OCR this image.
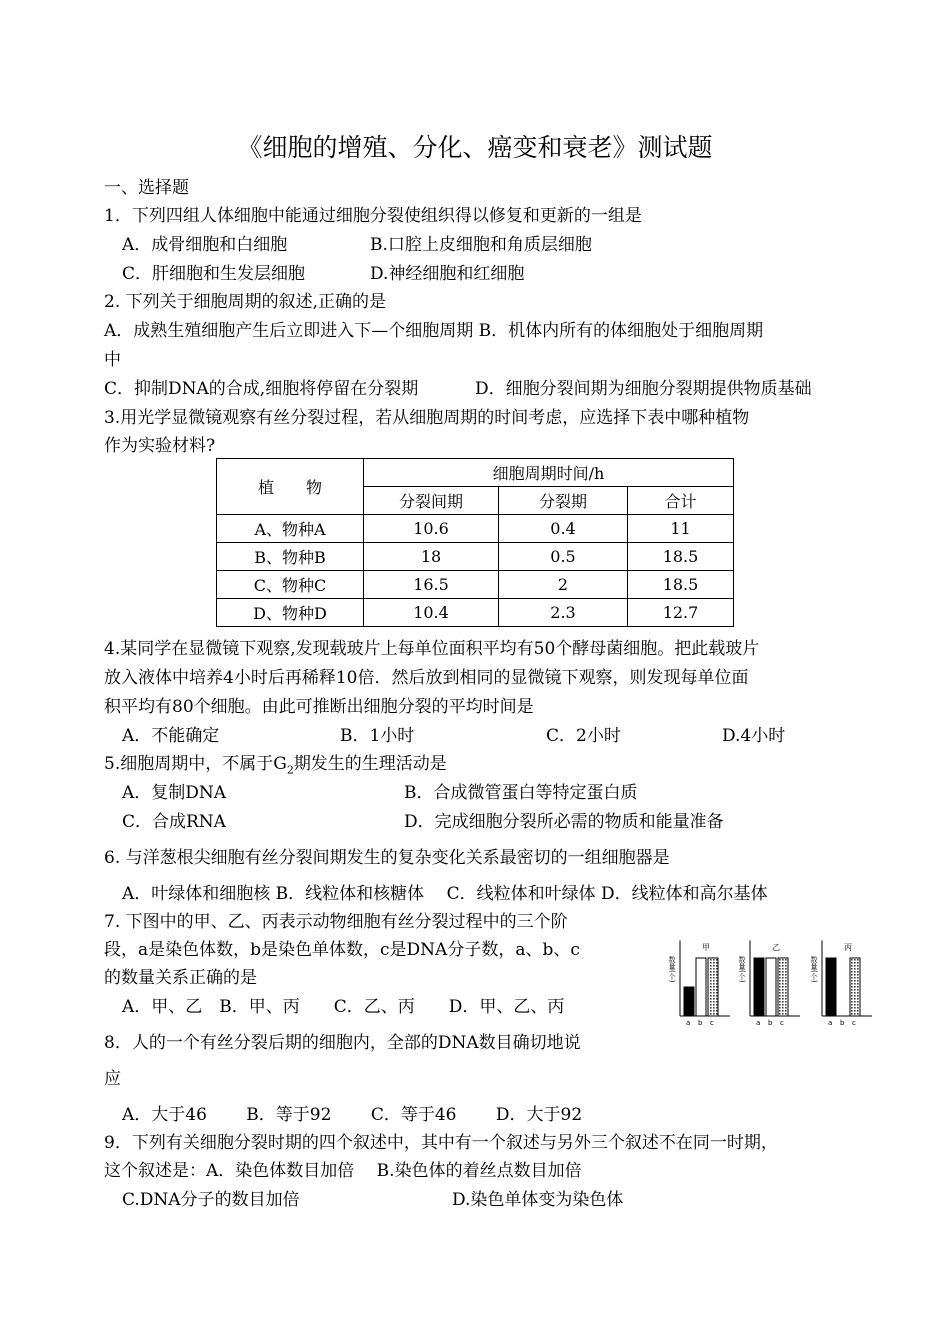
《细胞的增殖、分化、癌变和衰老》测试题
一、选择题
1．下列四组人体细胞中能通过细胞分裂使组织得以修复和更新的一组是
A．成骨细胞和白细胞	B.口腔上皮细胞和角质层细胞
C．肝细胞和生发层细胞	D.神经细胞和红细胞
2. 下列关于细胞周期的叙述,正确的是
A．成熟生殖细胞产生后立即进入下—个细胞周期 B．机体内所有的体细胞处于细胞周期
中
C．抑制DNA的合成,细胞将停留在分裂期	D．细胞分裂间期为细胞分裂期提供物质基础
3.用光学显微镜观察有丝分裂过程，若从细胞周期的时间考虑，应选择下表中哪种植物
作为实验材料?
植　　物	细胞周期时间/h		
	分裂间期	分裂期	合计
A、物种A	10.6	0.4	11
B、物种B	18	0.5	18.5
C、物种C	16.5	2	18.5
D、物种D	10.4	2.3	12.7
4.某同学在显微镜下观察,发现载玻片上每单位面积平均有50个酵母菌细胞。把此载玻片
放入液体中培养4小时后再稀释10倍．然后放到相同的显微镜下观察，则发现每单位面
积平均有80个细胞。由此可推断出细胞分裂的平均时间是
A．不能确定	B．1小时	C．2小时	D.4小时
5.细胞周期中，不属于$G_2$期发生的生理活动是
A．复制DNA	B．合成微管蛋白等特定蛋白质
C．合成RNA	D．完成细胞分裂所必需的物质和能量准备
6. 与洋葱根尖细胞有丝分裂间期发生的复杂变化关系最密切的一组细胞器是
A．叶绿体和细胞核 B．线粒体和核糖体　 C．线粒体和叶绿体 D．线粒体和高尔基体
7. 下图中的甲、乙、丙表示动物细胞有丝分裂过程中的三个阶
段，a是染色体数，b是染色单体数，c是DNA分子数，a、b、c
的数量关系正确的是
A．甲、乙　B．甲、丙　　C．乙、丙　　D．甲、乙、丙
数量(个)
甲
a b c
数量(个)
乙
a b c
数量(个)
丙
a b c
8．人的一个有丝分裂后期的细胞内，全部的DNA数目确切地说
应
A．大于46　　 B．等于92　　 C．等于46　　 D．大于92
9．下列有关细胞分裂时期的四个叙述中，其中有一个叙述与另外三个叙述不在同一时期，
这个叙述是：A．染色体数目加倍　 B.染色体的着丝点数目加倍
C.DNA分子的数目加倍	D.染色单体变为染色体
